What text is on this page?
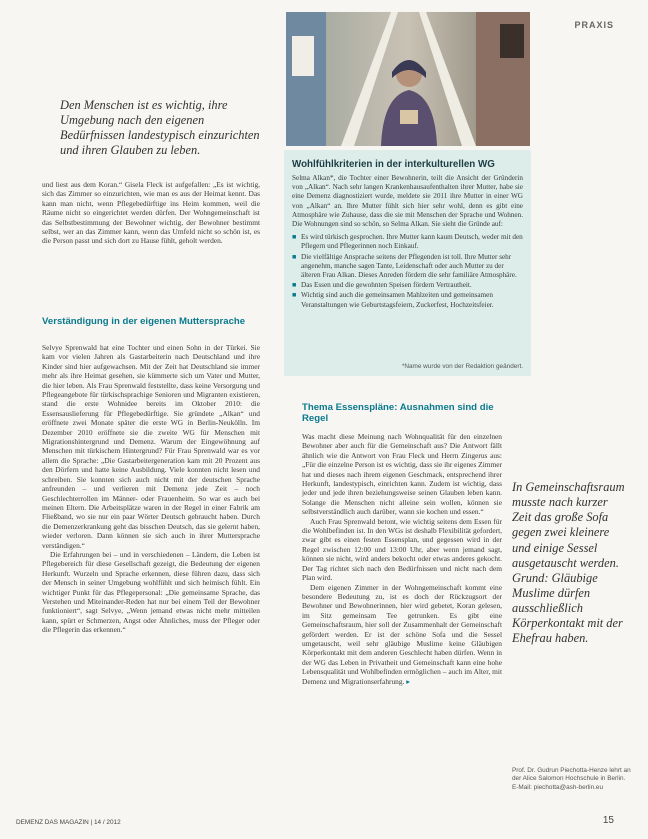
PRAXIS
Den Menschen ist es wichtig, ihre Umgebung nach den eigenen Bedürfnissen landestypisch einzurichten und ihren Glauben zu leben.

und liest aus dem Koran.“ Gisela Fleck ist aufgefallen: „Es ist wichtig, sich das Zimmer so einzurichten, wie man es aus der Heimat kennt. Das kann man nicht, wenn Pflegebedürftige ins Heim kommen, weil die Räume nicht so eingerichtet werden dürfen. Der Wohngemeinschaft ist das Selbstbestimmung der Bewohner wichtig, der Bewohner bestimmt selbst, wer an das Zimmer kann, wenn das Umfeld nicht so schön ist, es die Person passt und sich dort zu Hause fühlt, geholt werden.

Verständigung in der eigenen Muttersprache

Selvye Sprenwald hat eine Tochter und einen Sohn in der Türkei. Sie kam vor vielen Jahren als Gastarbeiterin nach Deutschland und ihre Kinder sind hier aufgewachsen. Mit der Zeit hat Deutschland sie immer mehr als ihre Heimat gesehen, sie kümmerte sich um Vater und Mutter, die hier leben. Als Frau Sprenwald feststellte, dass keine Versorgung und Pflegeangebote für türkischsprachige Senioren und Migranten existieren, stand die erste Wohnidee bereits im Oktober 2010: die Essensauslieferung für Pflegebedürftige. Sie gründete „Alkan“ und eröffnete zwei Monate später die erste WG in Berlin-Neukölln. Im Dezember 2010 eröffnete sie die zweite WG für Menschen mit Migrationshintergrund und Demenz. Warum der Eingewöhnung auf Menschen mit türkischem Hintergrund? Für Frau Sprenwald war es vor allem die Sprache: „Die Gastarbeitergeneration kam mit 20 Prozent aus den Dörfern und hatte keine Ausbildung. Viele konnten nicht lesen und schreiben. Sie konnten sich auch nicht mit der deutschen Sprache anfreunden – und verlieren mit Demenz jede Zeit – noch Geschlechterrollen im Männer- oder Frauenheim. So war es auch bei meinen Eltern. Die Arbeitsplätze waren in der Regel in einer Fabrik am Fließband, wo sie nur ein paar Wörter Deutsch gebraucht haben. Durch die Demenzerkrankung geht das bisschen Deutsch, das sie gelernt haben, wieder verloren. Dann können sie sich auch in ihrer Muttersprache verständigen.“

Die Erfahrungen bei – und in verschiedenen – Ländern, die Leben ist Pflegebereich für diese Gesellschaft gezeigt, die Bedeutung der eigenen Herkunft. Wurzeln und Sprache erkennen, diese führen dazu, dass sich der Mensch in seiner Umgebung wohlfühlt und sich heimisch fühlt. Ein wichtiger Punkt für das Pflegepersonal: „Die gemeinsame Sprache, das Verstehen und Miteinander-Reden hat nur bei einem Teil der Bewohner funktioniert“, sagt Selvye, „Wenn jemand etwas nicht mehr mitteilen kann, spürt er Schmerzen, Angst oder Ähnliches, muss der Pfleger oder die Pflegerin das erkennen.“

Wohlfühlkriterien in der interkulturellen WG
Selma Alkan*, die Tochter einer Bewohnerin, teilt die Ansicht der Gründerin von „Alkan“. Nach sehr langen Krankenhausaufenthalten ihrer Mutter, habe sie eine Demenz diagnostiziert wurde, meldete sie 2011 ihre Mutter in einer WG von „Alkan“ an. Ihre Mutter fühlt sich hier sehr wohl, denn es gibt eine Atmosphäre wie Zuhause, dass die sie mit Menschen der Sprache und Wohnen. Die Wohnungen sind so schön, so Selma Alkan. Sie sieht die Gründe auf:
■ Es wird türkisch gesprochen. Ihre Mutter kann kaum Deutsch, weder mit den Pflegern und Pflegerinnen noch Einkauf.
■ Die vielfältige Ansprache seitens der Pflegenden ist toll. Ihre Mutter sehr angenehm, manche sagen Tante, Leidenschaft oder auch Mutter zu der älteren Frau Alkan. Dieses Anreden fördern die sehr familiäre Atmosphäre.
■ Das Essen und die gewohnten Speisen fördern Vertrautheit.
■ Wichtig sind auch die gemeinsamen Mahlzeiten und gemeinsamen Veranstaltungen wie Geburtstagsfeiern, Zuckerfest, Hochzeitsfeier.
*Name wurde von der Redaktion geändert.
Thema Essenspläne: Ausnahmen sind die Regel

Was macht diese Meinung nach Wohnqualität für den einzelnen Bewohner aber auch für die Gemeinschaft aus? Die Antwort fällt ähnlich wie die Antwort von Frau Fleck und Herrn Zingerus aus: „Für die einzelne Person ist es wichtig, dass sie ihr eigenes Zimmer hat und dieses nach ihrem eigenen Geschmack, entsprechend ihrer Herkunft, landestypisch, einrichten kann. Zudem ist wichtig, dass jeder und jede ihren beziehungsweise seinen Glauben leben kann. Solange die Menschen nicht alleine sein wollen, können sie selbstverständlich auch darüber, wann sie kochen und essen.“

Auch Frau Sprenwald betont, wie wichtig seitens dem Essen für die Wohlbefinden ist. In den WGs ist deshalb Flexibilität gefordert, zwar gibt es einen festen Essensplan, und gegessen wird in der Regel zwischen 12:00 und 13:00 Uhr, aber wenn jemand sagt, können sie nicht, wird anders bekocht oder etwas anderes gekocht. Der Tag richtet sich nach den Bedürfnissen und nicht nach dem Plan wird.

Dem eigenen Zimmer in der Wohngemeinschaft kommt eine besondere Bedeutung zu, ist es doch der Rückzugsort der Bewohner und Bewohnerinnen, hier wird gebetet, Koran gelesen, im Sitz gemeinsam Tee getrunken. Es gibt eine Gemeinschaftsraum, hier soll der Zusammenhalt der Gemeinschaft gefördert werden. Er ist der schöne Sofa und die Sessel umgetauscht, weil sehr gläubige Muslime keine Gläubigen Körperkontakt mit dem anderen Geschlecht haben dürfen. Wenn in der WG das Leben in Privatheit und Gemeinschaft kann eine hohe Lebensqualität und Wohlbefinden ermöglichen – auch im Alter, mit Demenz und Migrationserfahrung. ▸

In Gemeinschaftsraum musste nach kurzer Zeit das große Sofa gegen zwei kleinere und einige Sessel ausgetauscht werden. Grund: Gläubige Muslime dürfen ausschließlich Körperkontakt mit der Ehefrau haben.
Prof. Dr. Gudrun Piechotta-Henze lehrt an der Alice Salomon Hochschule in Berlin. E-Mail: piechotta@ash-berlin.eu
DEMENZ DAS MAGAZIN | 14 / 2012	15
